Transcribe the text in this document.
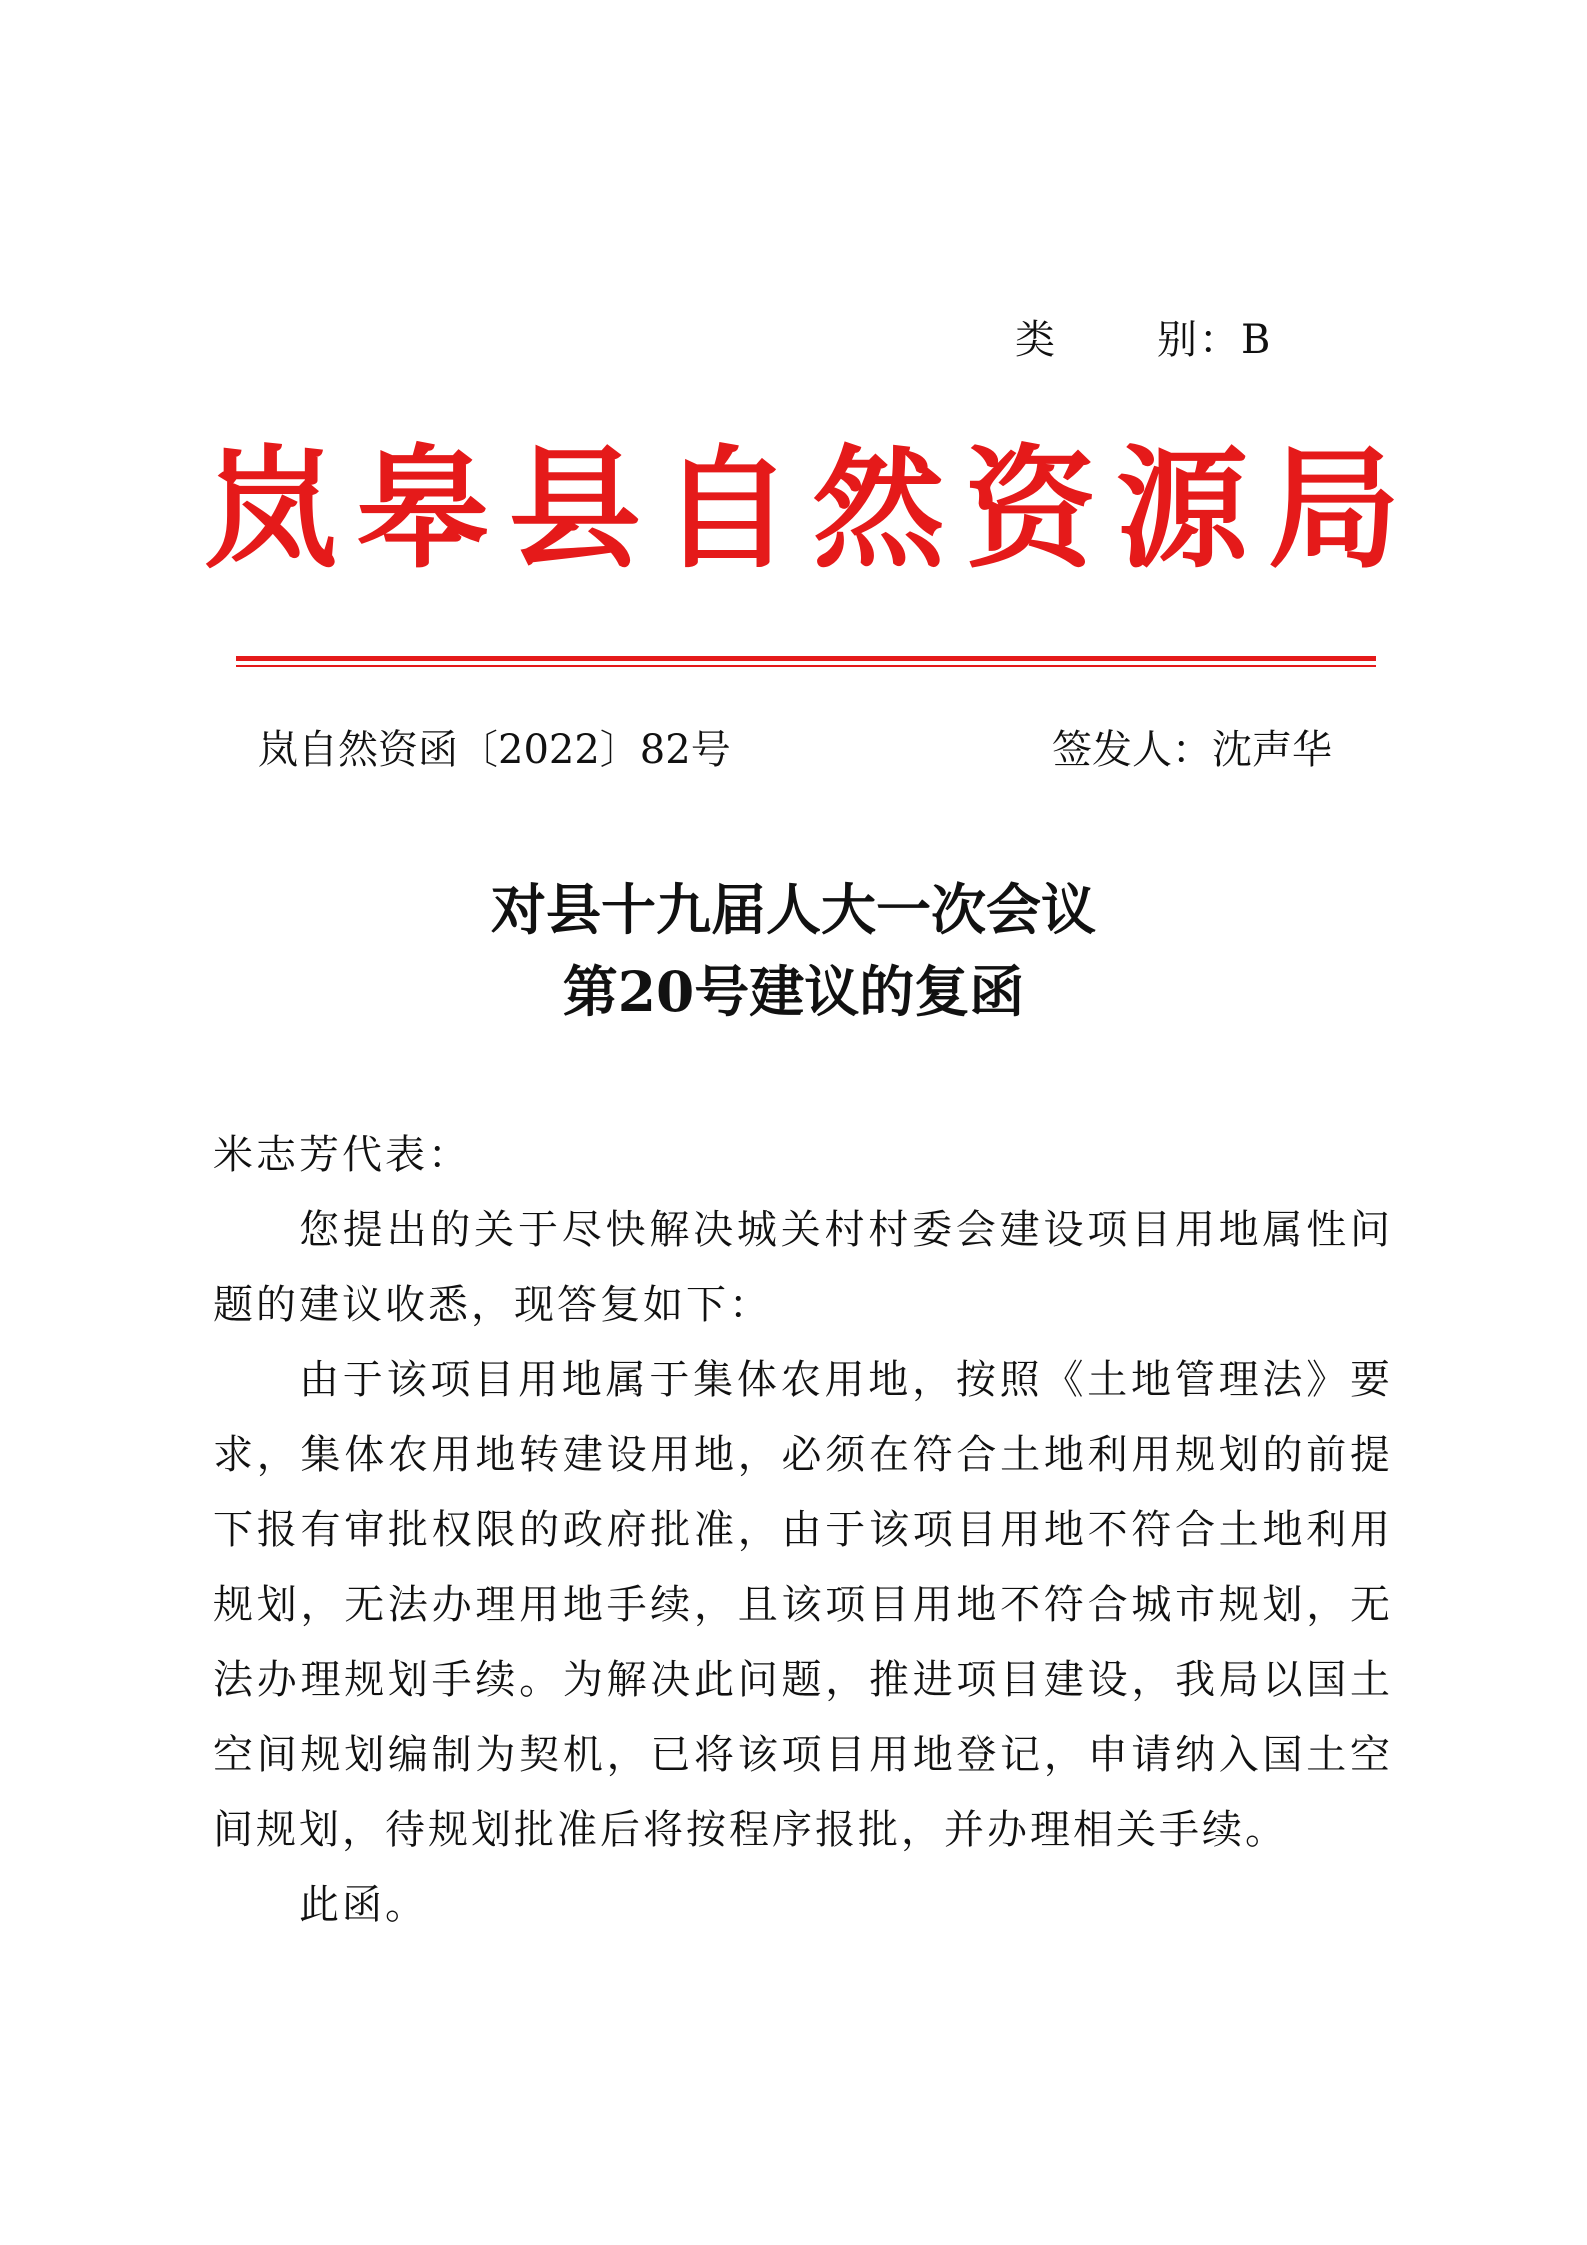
类	别：B
岚 皋 县 自 然 资 源 局
岚自然资函〔2022〕82号	签发人：沈声华
对县十九届人大一次会议
第20号建议的复函

米志芳代表：

您提出的关于尽快解决城关村村委会建设项目用地属性问题的建议收悉，现答复如下：

由于该项目用地属于集体农用地，按照《土地管理法》要求，集体农用地转建设用地，必须在符合土地利用规划的前提下报有审批权限的政府批准，由于该项目用地不符合土地利用规划，无法办理用地手续，且该项目用地不符合城市规划，无法办理规划手续。为解决此问题，推进项目建设，我局以国土空间规划编制为契机，已将该项目用地登记，申请纳入国土空间规划，待规划批准后将按程序报批，并办理相关手续。

此函。
